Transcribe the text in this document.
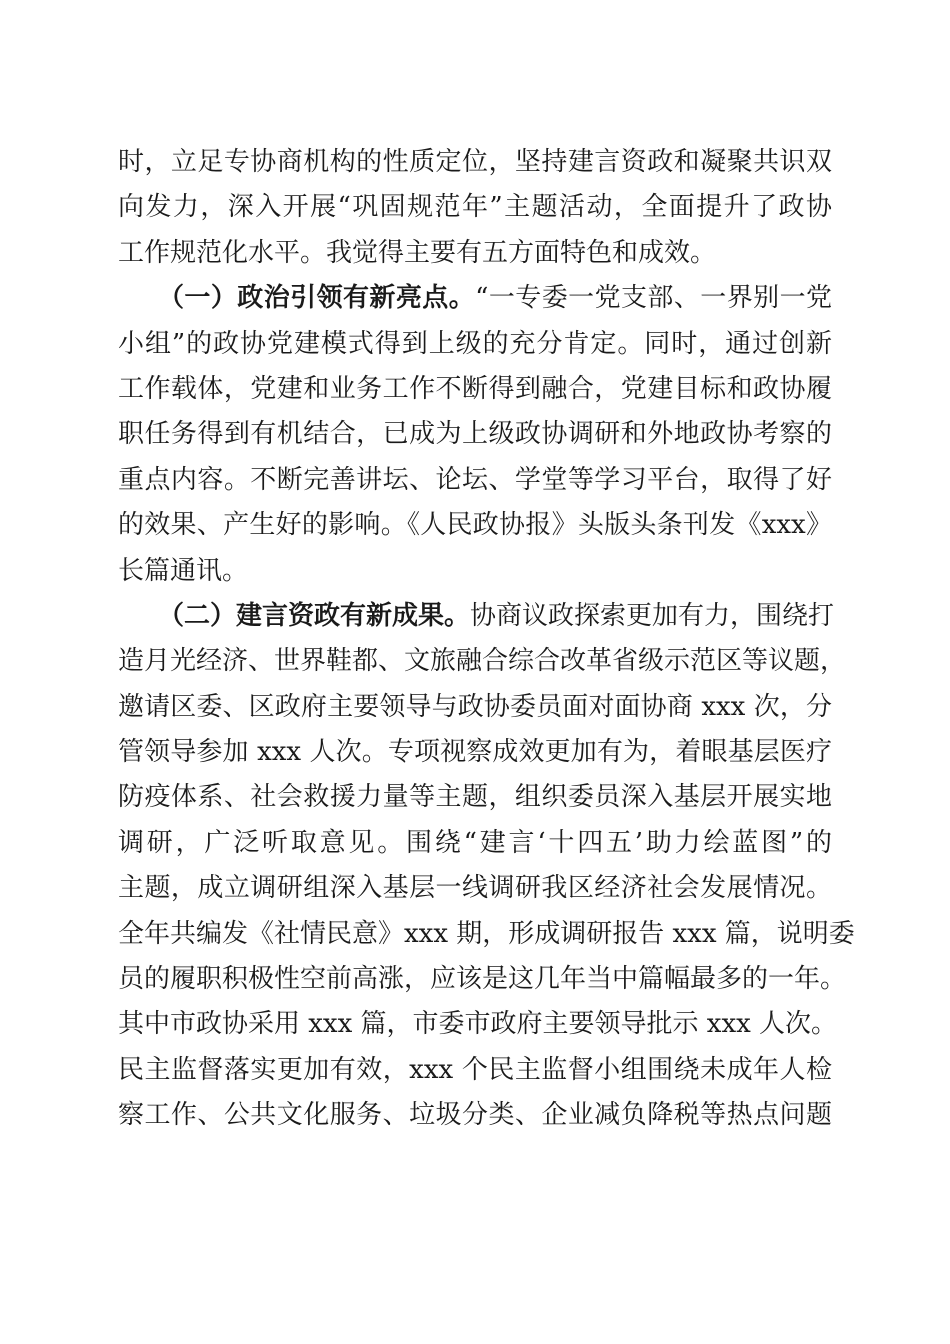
时，立足专协商机构的性质定位，坚持建言资政和凝聚共识双
向发力，深入开展“巩固规范年”主题活动，全面提升了政协
工作规范化水平。我觉得主要有五方面特色和成效。
（一）政治引领有新亮点。“一专委一党支部、一界别一党
小组”的政协党建模式得到上级的充分肯定。同时，通过创新
工作载体，党建和业务工作不断得到融合，党建目标和政协履
职任务得到有机结合，已成为上级政协调研和外地政协考察的
重点内容。不断完善讲坛、论坛、学堂等学习平台，取得了好
的效果、产生好的影响。《人民政协报》头版头条刊发《xxx》
长篇通讯。
（二）建言资政有新成果。协商议政探索更加有力，围绕打
造月光经济、世界鞋都、文旅融合综合改革省级示范区等议题，
邀请区委、区政府主要领导与政协委员面对面协商 xxx 次，分
管领导参加 xxx 人次。专项视察成效更加有为，着眼基层医疗
防疫体系、社会救援力量等主题，组织委员深入基层开展实地
调研，广泛听取意见。围绕“建言‘十四五’助力绘蓝图”的
主题，成立调研组深入基层一线调研我区经济社会发展情况。
全年共编发《社情民意》xxx 期，形成调研报告 xxx 篇，说明委
员的履职积极性空前高涨，应该是这几年当中篇幅最多的一年。
其中市政协采用 xxx 篇，市委市政府主要领导批示 xxx 人次。
民主监督落实更加有效，xxx 个民主监督小组围绕未成年人检
察工作、公共文化服务、垃圾分类、企业减负降税等热点问题
